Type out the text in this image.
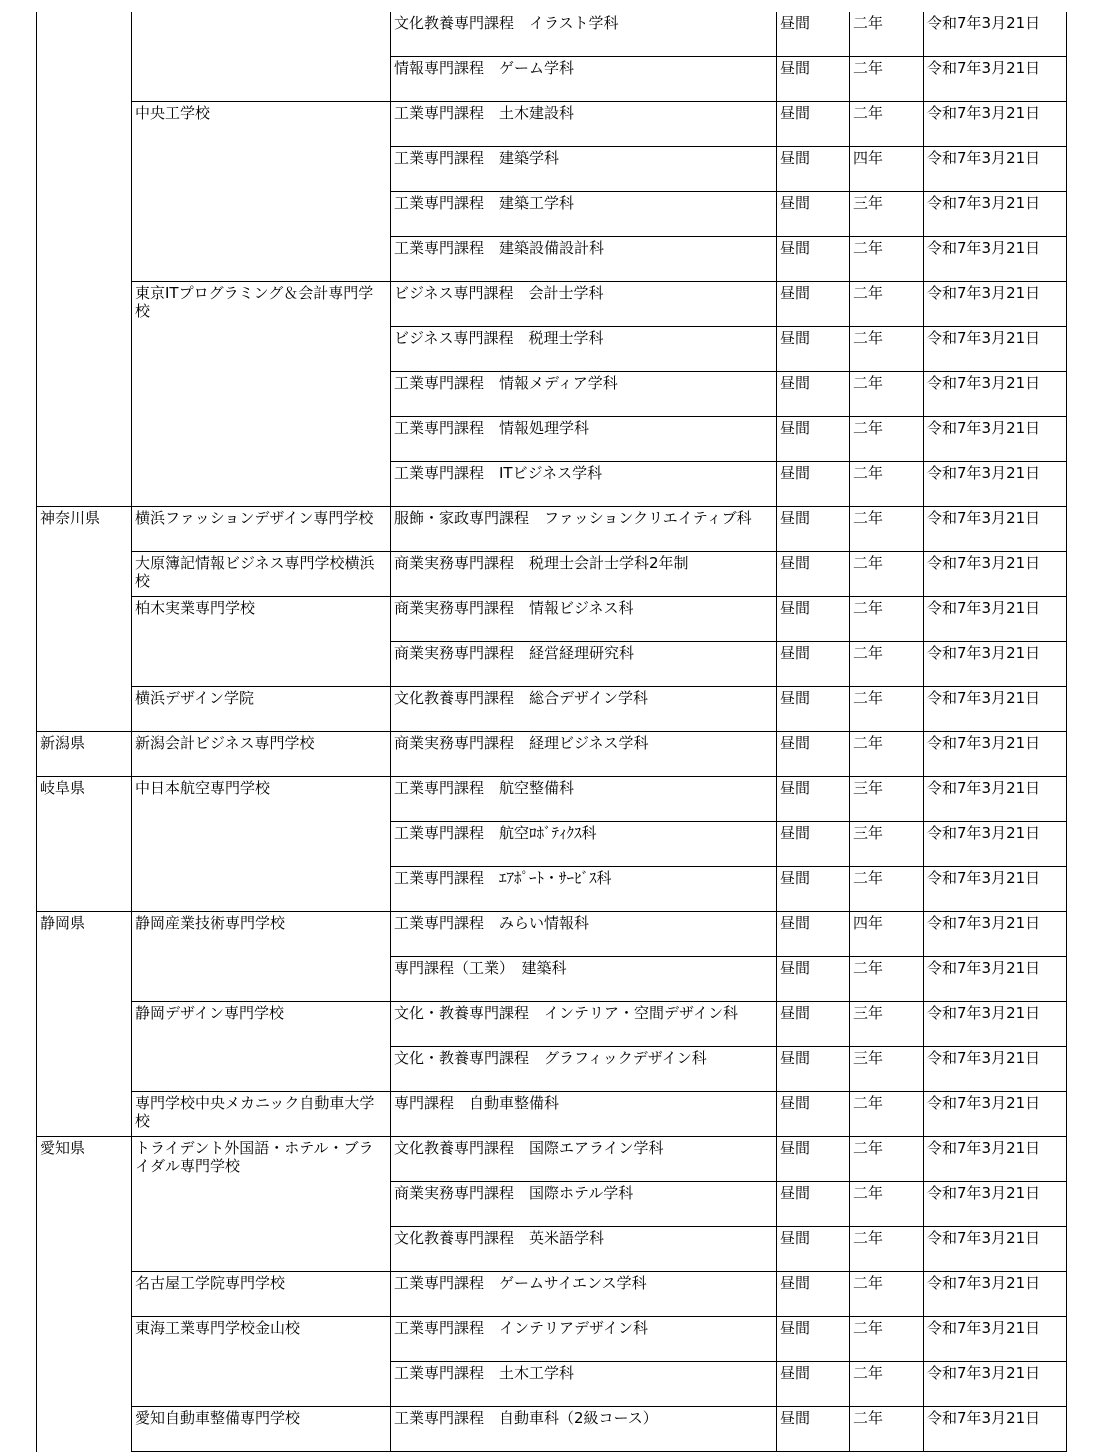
		文化教養専門課程　イラスト学科	昼間	二年	令和7年3月21日
		情報専門課程　ゲーム学科	昼間	二年	令和7年3月21日
	中央工学校	工業専門課程　土木建設科	昼間	二年	令和7年3月21日
		工業専門課程　建築学科	昼間	四年	令和7年3月21日
		工業専門課程　建築工学科	昼間	三年	令和7年3月21日
		工業専門課程　建築設備設計科	昼間	二年	令和7年3月21日
	東京ITプログラミング＆会計専門学校	ビジネス専門課程　会計士学科	昼間	二年	令和7年3月21日
		ビジネス専門課程　税理士学科	昼間	二年	令和7年3月21日
		工業専門課程　情報メディア学科	昼間	二年	令和7年3月21日
		工業専門課程　情報処理学科	昼間	二年	令和7年3月21日
		工業専門課程　ITビジネス学科	昼間	二年	令和7年3月21日
神奈川県	横浜ファッションデザイン専門学校	服飾・家政専門課程　ファッションクリエイティブ科	昼間	二年	令和7年3月21日
	大原簿記情報ビジネス専門学校横浜校	商業実務専門課程　税理士会計士学科2年制	昼間	二年	令和7年3月21日
	柏木実業専門学校	商業実務専門課程　情報ビジネス科	昼間	二年	令和7年3月21日
		商業実務専門課程　経営経理研究科	昼間	二年	令和7年3月21日
	横浜デザイン学院	文化教養専門課程　総合デザイン学科	昼間	二年	令和7年3月21日
新潟県	新潟会計ビジネス専門学校	商業実務専門課程　経理ビジネス学科	昼間	二年	令和7年3月21日
岐阜県	中日本航空専門学校	工業専門課程　航空整備科	昼間	三年	令和7年3月21日
		工業専門課程　航空ﾛﾎﾞﾃｨｸｽ科	昼間	三年	令和7年3月21日
		工業専門課程　ｴｱﾎﾟｰﾄ・ｻｰﾋﾞｽ科	昼間	二年	令和7年3月21日
静岡県	静岡産業技術専門学校	工業専門課程　みらい情報科	昼間	四年	令和7年3月21日
		専門課程（工業）　建築科	昼間	二年	令和7年3月21日
	静岡デザイン専門学校	文化・教養専門課程　インテリア・空間デザイン科	昼間	三年	令和7年3月21日
		文化・教養専門課程　グラフィックデザイン科	昼間	三年	令和7年3月21日
	専門学校中央メカニック自動車大学校	専門課程　自動車整備科	昼間	二年	令和7年3月21日
愛知県	トライデント外国語・ホテル・ブライダル専門学校	文化教養専門課程　国際エアライン学科	昼間	二年	令和7年3月21日
		商業実務専門課程　国際ホテル学科	昼間	二年	令和7年3月21日
		文化教養専門課程　英米語学科	昼間	二年	令和7年3月21日
	名古屋工学院専門学校	工業専門課程　ゲームサイエンス学科	昼間	二年	令和7年3月21日
	東海工業専門学校金山校	工業専門課程　インテリアデザイン科	昼間	二年	令和7年3月21日
		工業専門課程　土木工学科	昼間	二年	令和7年3月21日
	愛知自動車整備専門学校	工業専門課程　自動車科（2級コース）	昼間	二年	令和7年3月21日
